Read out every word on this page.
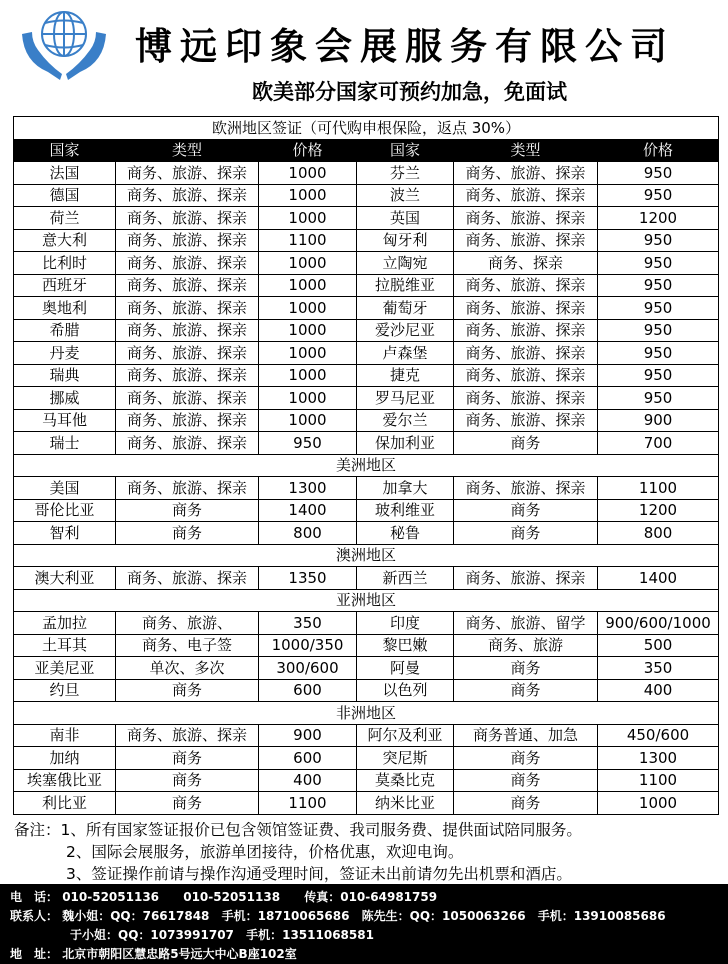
博远印象会展服务有限公司
欧美部分国家可预约加急，免面试
欧洲地区签证（可代购申根保险，返点 30%）					
国家	类型	价格	国家	类型	价格
法国	商务、旅游、探亲	1000	芬兰	商务、旅游、探亲	950
德国	商务、旅游、探亲	1000	波兰	商务、旅游、探亲	950
荷兰	商务、旅游、探亲	1000	英国	商务、旅游、探亲	1200
意大利	商务、旅游、探亲	1100	匈牙利	商务、旅游、探亲	950
比利时	商务、旅游、探亲	1000	立陶宛	商务、探亲	950
西班牙	商务、旅游、探亲	1000	拉脱维亚	商务、旅游、探亲	950
奥地利	商务、旅游、探亲	1000	葡萄牙	商务、旅游、探亲	950
希腊	商务、旅游、探亲	1000	爱沙尼亚	商务、旅游、探亲	950
丹麦	商务、旅游、探亲	1000	卢森堡	商务、旅游、探亲	950
瑞典	商务、旅游、探亲	1000	捷克	商务、旅游、探亲	950
挪威	商务、旅游、探亲	1000	罗马尼亚	商务、旅游、探亲	950
马耳他	商务、旅游、探亲	1000	爱尔兰	商务、旅游、探亲	900
瑞士	商务、旅游、探亲	950	保加利亚	商务	700
美洲地区					
美国	商务、旅游、探亲	1300	加拿大	商务、旅游、探亲	1100
哥伦比亚	商务	1400	玻利维亚	商务	1200
智利	商务	800	秘鲁	商务	800
澳洲地区					
澳大利亚	商务、旅游、探亲	1350	新西兰	商务、旅游、探亲	1400
亚洲地区					
孟加拉	商务、旅游、	350	印度	商务、旅游、留学	900/600/1000
土耳其	商务、电子签	1000/350	黎巴嫩	商务、旅游	500
亚美尼亚	单次、多次	300/600	阿曼	商务	350
约旦	商务	600	以色列	商务	400
非洲地区					
南非	商务、旅游、探亲	900	阿尔及利亚	商务普通、加急	450/600
加纳	商务	600	突尼斯	商务	1300
埃塞俄比亚	商务	400	莫桑比克	商务	1100
利比亚	商务	1100	纳米比亚	商务	1000
备注：1、所有国家签证报价已包含领馆签证费、我司服务费、提供面试陪同服务。
2、国际会展服务，旅游单团接待，价格优惠，欢迎电询。
3、签证操作前请与操作沟通受理时间，签证未出前请勿先出机票和酒店。
电　话： 010-52051136 010-52051138 传真：010-64981759
联系人： 魏小姐：QQ：76617848 手机：18710065686 陈先生：QQ：1050063266 手机：13910085686
于小姐：QQ：1073991707 手机：13511068581
地　址： 北京市朝阳区慧忠路5号远大中心B座102室
